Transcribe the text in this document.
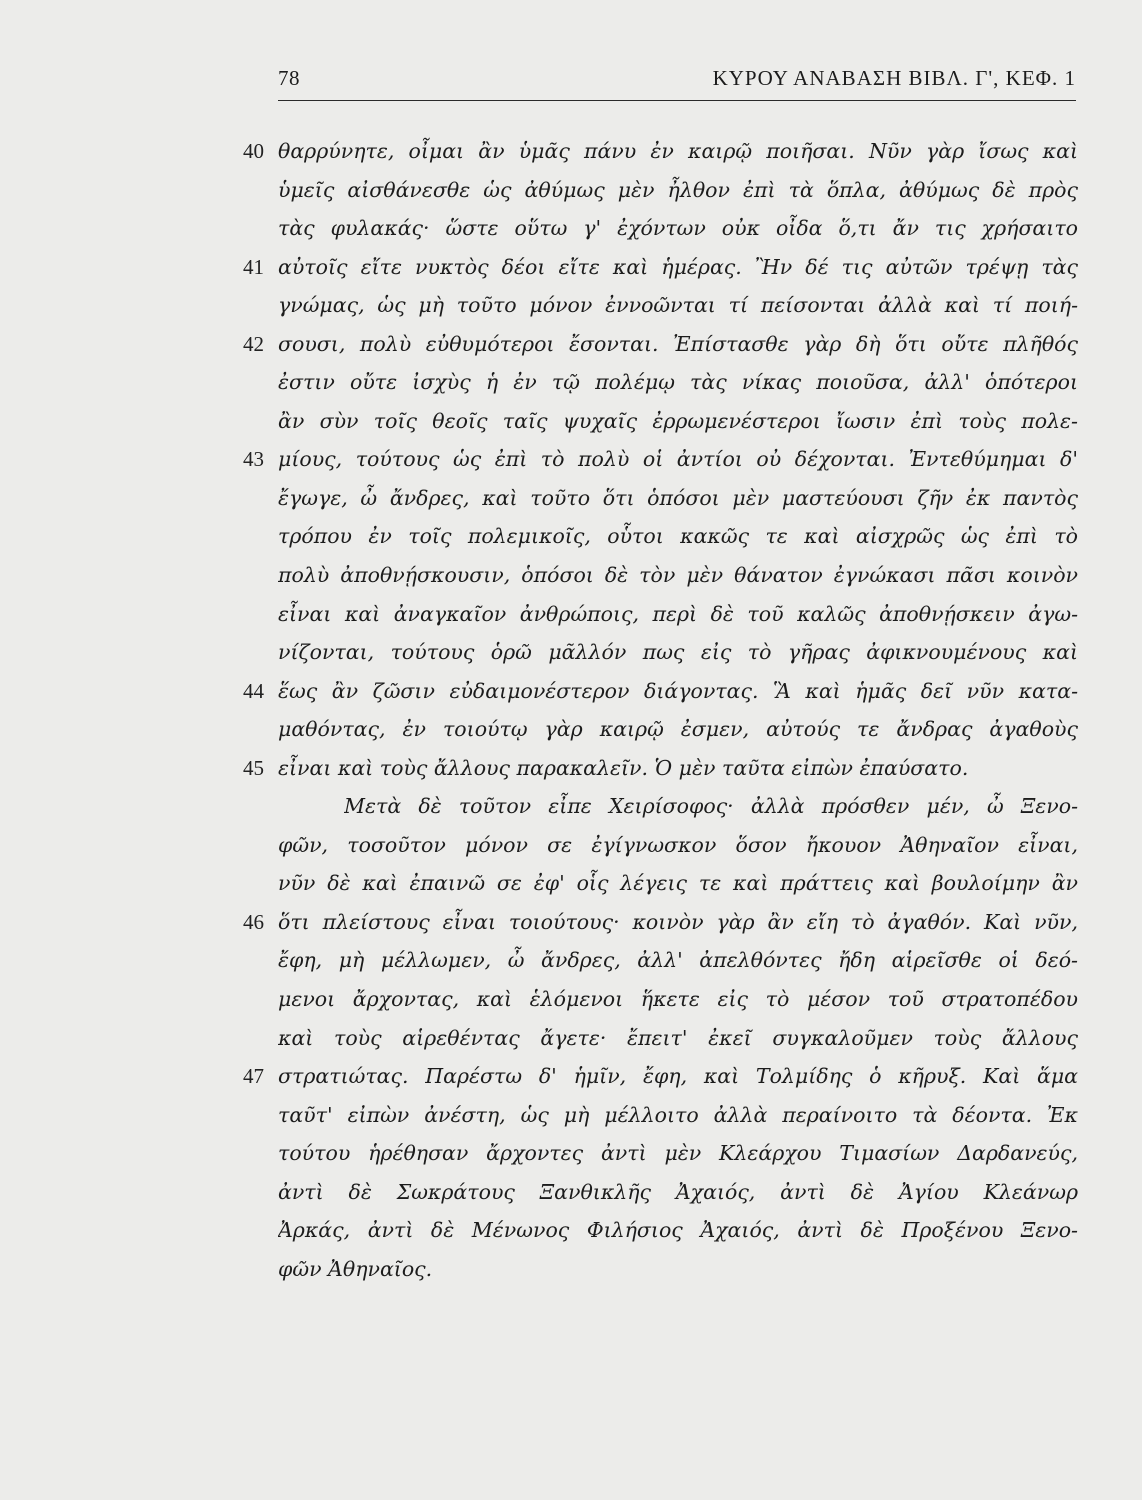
78	ΚΥΡΟΥ ΑΝΑΒΑΣΗ ΒΙΒΛ. Γ', ΚΕΦ. 1
40 θαρρύνητε, οἶμαι ἂν ὑμᾶς πάνυ ἐν καιρῷ ποιῆσαι. Νῦν γὰρ ἴσως καὶ
ὑμεῖς αἰσθάνεσθε ὡς ἀθύμως μὲν ἦλθον ἐπὶ τὰ ὅπλα, ἀθύμως δὲ πρὸς
τὰς φυλακάς· ὥστε οὕτω γ' ἐχόντων οὐκ οἶδα ὅ,τι ἄν τις χρήσαιτο
41 αὐτοῖς εἴτε νυκτὸς δέοι εἴτε καὶ ἡμέρας. Ἢν δέ τις αὐτῶν τρέψῃ τὰς
γνώμας, ὡς μὴ τοῦτο μόνον ἐννοῶνται τί πείσονται ἀλλὰ καὶ τί ποιή-
42 σουσι, πολὺ εὐθυμότεροι ἔσονται. Ἐπίστασθε γὰρ δὴ ὅτι οὔτε πλῆθός
ἐστιν οὔτε ἰσχὺς ἡ ἐν τῷ πολέμῳ τὰς νίκας ποιοῦσα, ἀλλ' ὁπότεροι
ἂν σὺν τοῖς θεοῖς ταῖς ψυχαῖς ἐρρωμενέστεροι ἴωσιν ἐπὶ τοὺς πολε-
43 μίους, τούτους ὡς ἐπὶ τὸ πολὺ οἱ ἀντίοι οὐ δέχονται. Ἐντεθύμημαι δ'
ἔγωγε, ὦ ἄνδρες, καὶ τοῦτο ὅτι ὁπόσοι μὲν μαστεύουσι ζῆν ἐκ παντὸς
τρόπου ἐν τοῖς πολεμικοῖς, οὗτοι κακῶς τε καὶ αἰσχρῶς ὡς ἐπὶ τὸ
πολὺ ἀποθνῄσκουσιν, ὁπόσοι δὲ τὸν μὲν θάνατον ἐγνώκασι πᾶσι κοινὸν
εἶναι καὶ ἀναγκαῖον ἀνθρώποις, περὶ δὲ τοῦ καλῶς ἀποθνῄσκειν ἀγω-
νίζονται, τούτους ὁρῶ μᾶλλόν πως εἰς τὸ γῆρας ἀφικνουμένους καὶ
44 ἕως ἂν ζῶσιν εὐδαιμονέστερον διάγοντας. Ἃ καὶ ἡμᾶς δεῖ νῦν κατα-
μαθόντας, ἐν τοιούτῳ γὰρ καιρῷ ἐσμεν, αὐτούς τε ἄνδρας ἀγαθοὺς
45 εἶναι καὶ τοὺς ἄλλους παρακαλεῖν. Ὁ μὲν ταῦτα εἰπὼν ἐπαύσατο.
Μετὰ δὲ τοῦτον εἶπε Χειρίσοφος· ἀλλὰ πρόσθεν μέν, ὦ Ξενο-
φῶν, τοσοῦτον μόνον σε ἐγίγνωσκον ὅσον ἤκουον Ἀθηναῖον εἶναι,
νῦν δὲ καὶ ἐπαινῶ σε ἐφ' οἷς λέγεις τε καὶ πράττεις καὶ βουλοίμην ἂν
46 ὅτι πλείστους εἶναι τοιούτους· κοινὸν γὰρ ἂν εἴη τὸ ἀγαθόν. Καὶ νῦν,
ἔφη, μὴ μέλλωμεν, ὦ ἄνδρες, ἀλλ' ἀπελθόντες ἤδη αἱρεῖσθε οἱ δεό-
μενοι ἄρχοντας, καὶ ἑλόμενοι ἥκετε εἰς τὸ μέσον τοῦ στρατοπέδου
καὶ τοὺς αἱρεθέντας ἄγετε· ἔπειτ' ἐκεῖ συγκαλοῦμεν τοὺς ἄλλους
47 στρατιώτας. Παρέστω δ' ἡμῖν, ἔφη, καὶ Τολμίδης ὁ κῆρυξ. Καὶ ἅμα
ταῦτ' εἰπὼν ἀνέστη, ὡς μὴ μέλλοιτο ἀλλὰ περαίνοιτο τὰ δέοντα. Ἐκ
τούτου ἡρέθησαν ἄρχοντες ἀντὶ μὲν Κλεάρχου Τιμασίων Δαρδανεύς,
ἀντὶ δὲ Σωκράτους Ξανθικλῆς Ἀχαιός, ἀντὶ δὲ Ἀγίου Κλεάνωρ
Ἀρκάς, ἀντὶ δὲ Μένωνος Φιλήσιος Ἀχαιός, ἀντὶ δὲ Προξένου Ξενο-
φῶν Ἀθηναῖος.
